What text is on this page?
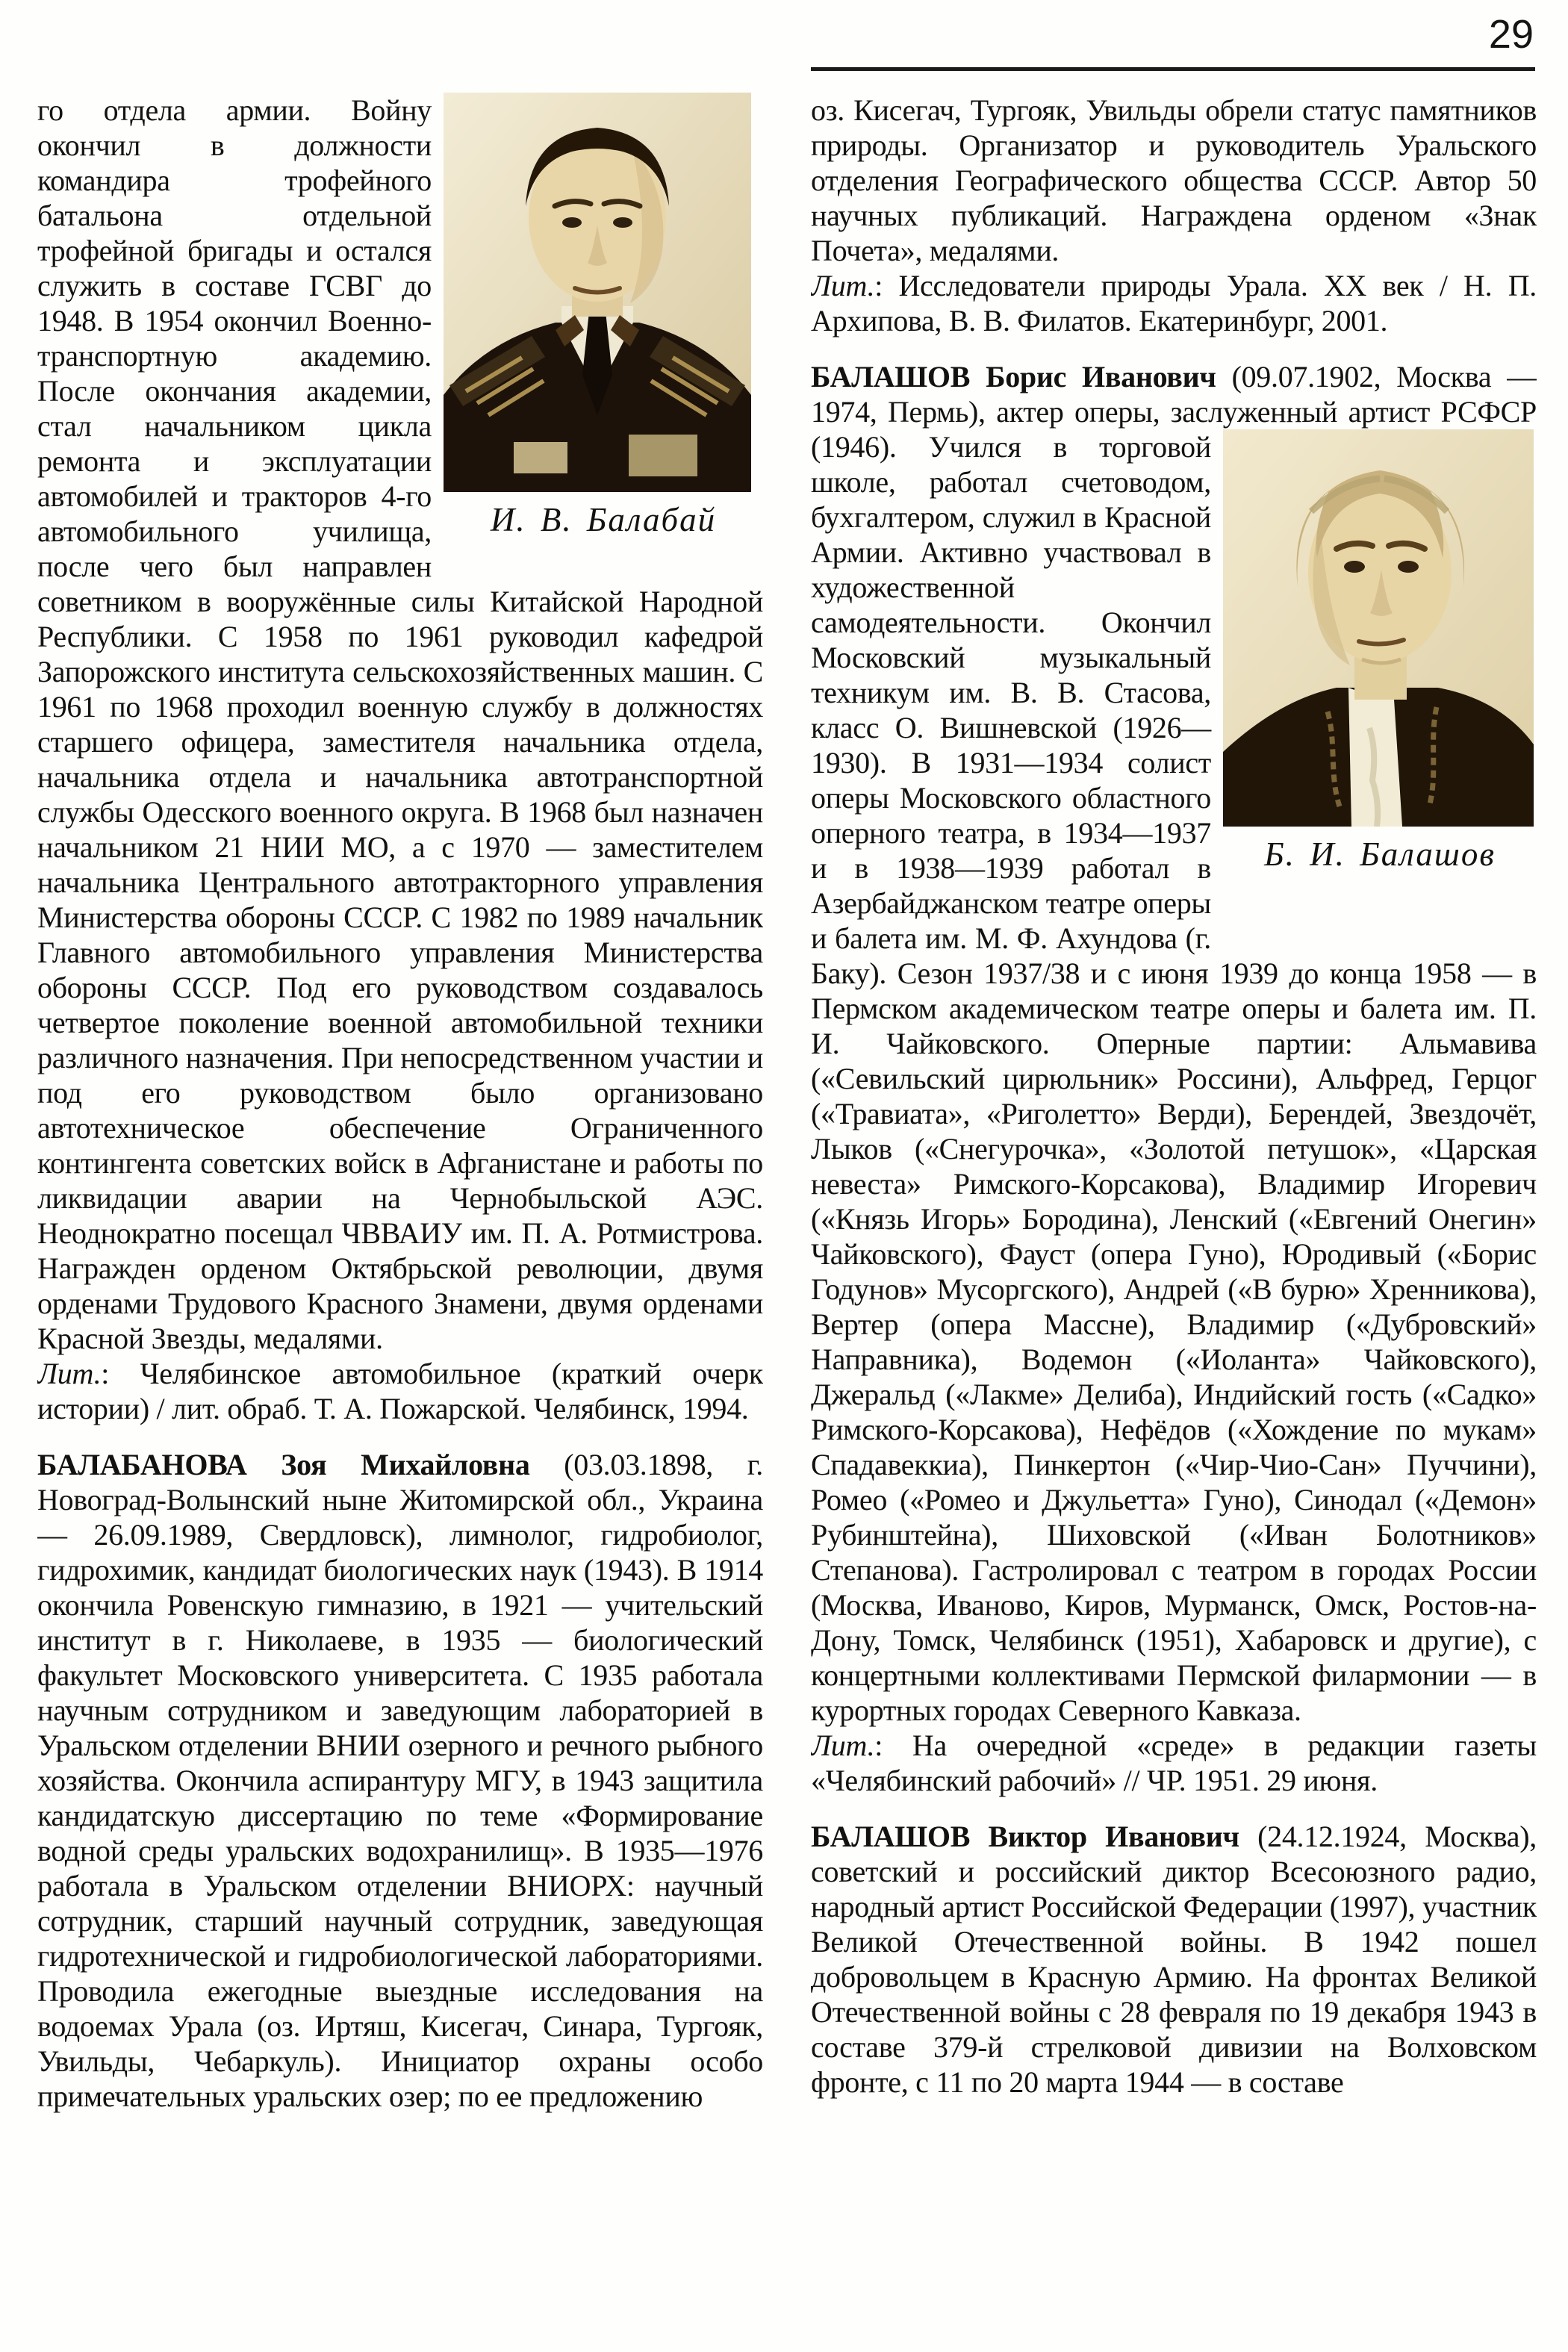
29

И. В. Балабай
го отдела армии. Войну окончил в должности командира трофейного батальона отдельной трофейной бригады и остался служить в составе ГСВГ до 1948. В 1954 окончил Военно-транспортную академию. После окончания академии, стал начальником цикла ремонта и эксплуатации автомобилей и тракторов 4-го автомобильного училища, после чего был направлен советником в вооружённые силы Китайской Народной Республики. С 1958 по 1961 руководил кафедрой Запорожского института сельскохозяйственных машин. С 1961 по 1968 проходил военную службу в должностях старшего офицера, заместителя начальника отдела, начальника отдела и начальника автотранспортной службы Одесского военного округа. В 1968 был назначен начальником 21 НИИ МО, а с 1970 — заместителем начальника Центрального автотракторного управления Министерства обороны СССР. С 1982 по 1989 начальник Главного автомобильного управления Министерства обороны СССР. Под его руководством создавалось четвертое поколение военной автомобильной техники различного назначения. При непосредственном участии и под его руководством было организовано автотехническое обеспечение Ограниченного контингента советских войск в Афганистане и работы по ликвидации аварии на Чернобыльской АЭС. Неоднократно посещал ЧВВАИУ им. П. А. Ротмистрова. Награжден орденом Октябрьской революции, двумя орденами Трудового Красного Знамени, двумя орденами Красной Звезды, медалями.

Лит.: Челябинское автомобильное (краткий очерк истории) / лит. обраб. Т. А. Пожарской. Челябинск, 1994.

БАЛАБАНОВА Зоя Михайловна (03.03.1898, г. Новоград-Волынский ныне Житомирской обл., Украина — 26.09.1989, Свердловск), лимнолог, гидробиолог, гидрохимик, кандидат биологических наук (1943). В 1914 окончила Ровенскую гимназию, в 1921 — учительский институт в г. Николаеве, в 1935 — биологический факультет Московского университета. С 1935 работала научным сотрудником и заведующим лабораторией в Уральском отделении ВНИИ озерного и речного рыбного хозяйства. Окончила аспирантуру МГУ, в 1943 защитила кандидатскую диссертацию по теме «Формирование водной среды уральских водохранилищ». В 1935—1976 работала в Уральском отделении ВНИОРХ: научный сотрудник, старший научный сотрудник, заведующая гидротехнической и гидробиологической лабораториями. Проводила ежегодные выездные исследования на водоемах Урала (оз. Иртяш, Кисегач, Синара, Тургояк, Увильды, Чебаркуль). Инициатор охраны особо примечательных уральских озер; по ее предложению

оз. Кисегач, Тургояк, Увильды обрели статус памятников природы. Организатор и руководитель Уральского отделения Географического общества СССР. Автор 50 научных публикаций. Награждена орденом «Знак Почета», медалями.

Лит.: Исследователи природы Урала. XX век / Н. П. Архипова, В. В. Филатов. Екатеринбург, 2001.

БАЛАШОВ Борис Иванович (09.07.1902, Москва — 1974, Пермь), актер оперы, заслуженный
Б. И. Балашов
артист РСФСР (1946). Учился в торговой школе, работал счетоводом, бухгалтером, служил в Красной Армии. Активно участвовал в художественной самодеятельности. Окончил Московский музыкальный техникум им. В. В. Стасова, класс О. Вишневской (1926—1930). В 1931—1934 солист оперы Московского областного оперного театра, в 1934—1937 и в 1938—1939 работал в Азербайджанском театре оперы и балета им. М. Ф. Ахундова (г. Баку). Сезон 1937/38 и с июня 1939 до конца 1958 — в Пермском академическом театре оперы и балета им. П. И. Чайковского. Оперные партии: Альмавива («Севильский цирюльник» Россини), Альфред, Герцог («Травиата», «Риголетто» Верди), Берендей, Звездочёт, Лыков («Снегурочка», «Золотой петушок», «Царская невеста» Римского-Корсакова), Владимир Игоревич («Князь Игорь» Бородина), Ленский («Евгений Онегин» Чайковского), Фауст (опера Гуно), Юродивый («Борис Годунов» Мусоргского), Андрей («В бурю» Хренникова), Вертер (опера Массне), Владимир («Дубровский» Направника), Водемон («Иоланта» Чайковского), Джеральд («Лакме» Делиба), Индийский гость («Садко» Римского-Корсакова), Нефёдов («Хождение по мукам» Спадавеккиа), Пинкертон («Чир-Чио-Сан» Пуччини), Ромео («Ромео и Джульетта» Гуно), Синодал («Демон» Рубинштейна), Шиховской («Иван Болотников» Степанова). Гастролировал с театром в городах России (Москва, Иваново, Киров, Мурманск, Омск, Ростов-на-Дону, Томск, Челябинск (1951), Хабаровск и другие), с концертными коллективами Пермской филармонии — в курортных городах Северного Кавказа.

Лит.: На очередной «среде» в редакции газеты «Челябинский рабочий» // ЧР. 1951. 29 июня.

БАЛАШОВ Виктор Иванович (24.12.1924, Москва), советский и российский диктор Всесоюзного радио, народный артист Российской Федерации (1997), участник Великой Отечественной войны. В 1942 пошел добровольцем в Красную Армию. На фронтах Великой Отечественной войны с 28 февраля по 19 декабря 1943 в составе 379-й стрелковой дивизии на Волховском фронте, с 11 по 20 марта 1944 — в составе
